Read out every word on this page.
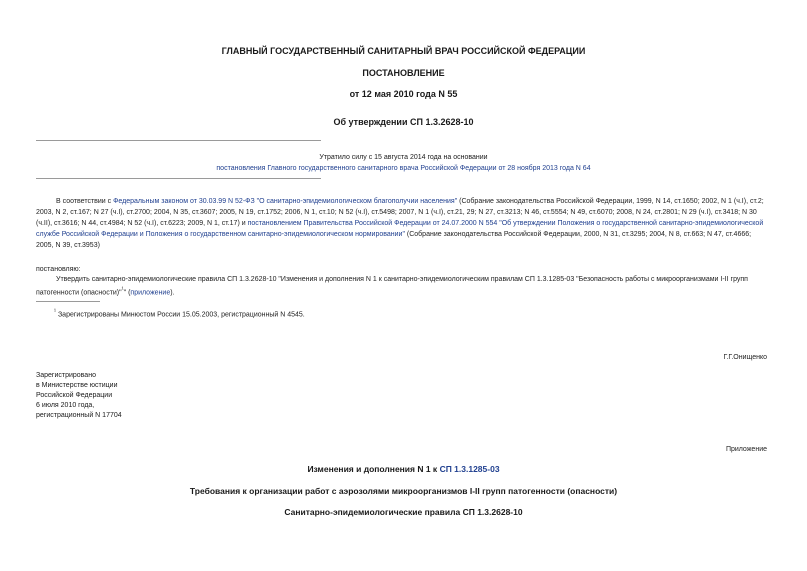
ГЛАВНЫЙ ГОСУДАРСТВЕННЫЙ САНИТАРНЫЙ ВРАЧ РОССИЙСКОЙ ФЕДЕРАЦИИ
ПОСТАНОВЛЕНИЕ
от 12 мая 2010 года N 55
Об утверждении СП 1.3.2628-10
Утратило силу с 15 августа 2014 года на основании
постановления Главного государственного санитарного врача Российской Федерации от 28 ноября 2013 года N 64
В соответствии с Федеральным законом от 30.03.99 N 52-ФЗ "О санитарно-эпидемиологическом благополучии населения" (Собрание законодательства Российской Федерации, 1999, N 14, ст.1650; 2002, N 1 (ч.I), ст.2; 2003, N 2, ст.167; N 27 (ч.I), ст.2700; 2004, N 35, ст.3607; 2005, N 19, ст.1752; 2006, N 1, ст.10; N 52 (ч.I), ст.5498; 2007, N 1 (ч.I), ст.21, 29; N 27, ст.3213; N 46, ст.5554; N 49, ст.6070; 2008, N 24, ст.2801; N 29 (ч.I), ст.3418; N 30 (ч.II), ст.3616; N 44, ст.4984; N 52 (ч.I), ст.6223; 2009, N 1, ст.17) и постановлением Правительства Российской Федерации от 24.07.2000 N 554 "Об утверждении Положения о государственной санитарно-эпидемиологической службе Российской Федерации и Положения о государственном санитарно-эпидемиологическом нормировании" (Собрание законодательства Российской Федерации, 2000, N 31, ст.3295; 2004, N 8, ст.663; N 47, ст.4666; 2005, N 39, ст.3953)
постановляю:
Утвердить санитарно-эпидемиологические правила СП 1.3.2628-10 "Изменения и дополнения N 1 к санитарно-эпидемиологическим правилам СП 1.3.1285-03 "Безопасность работы с микроорганизмами I-II групп патогенности (опасности)"$^{^1}$" (приложение).
$^{^1}$ Зарегистрированы Минюстом России 15.05.2003, регистрационный N 4545.
Г.Г.Онищенко
Зарегистрировано
в Министерстве юстиции
Российской Федерации
6 июля 2010 года,
регистрационный N 17704
Приложение
Изменения и дополнения N 1 к СП 1.3.1285-03
Требования к организации работ с аэрозолями микроорганизмов I-II групп патогенности (опасности)
Санитарно-эпидемиологические правила СП 1.3.2628-10
